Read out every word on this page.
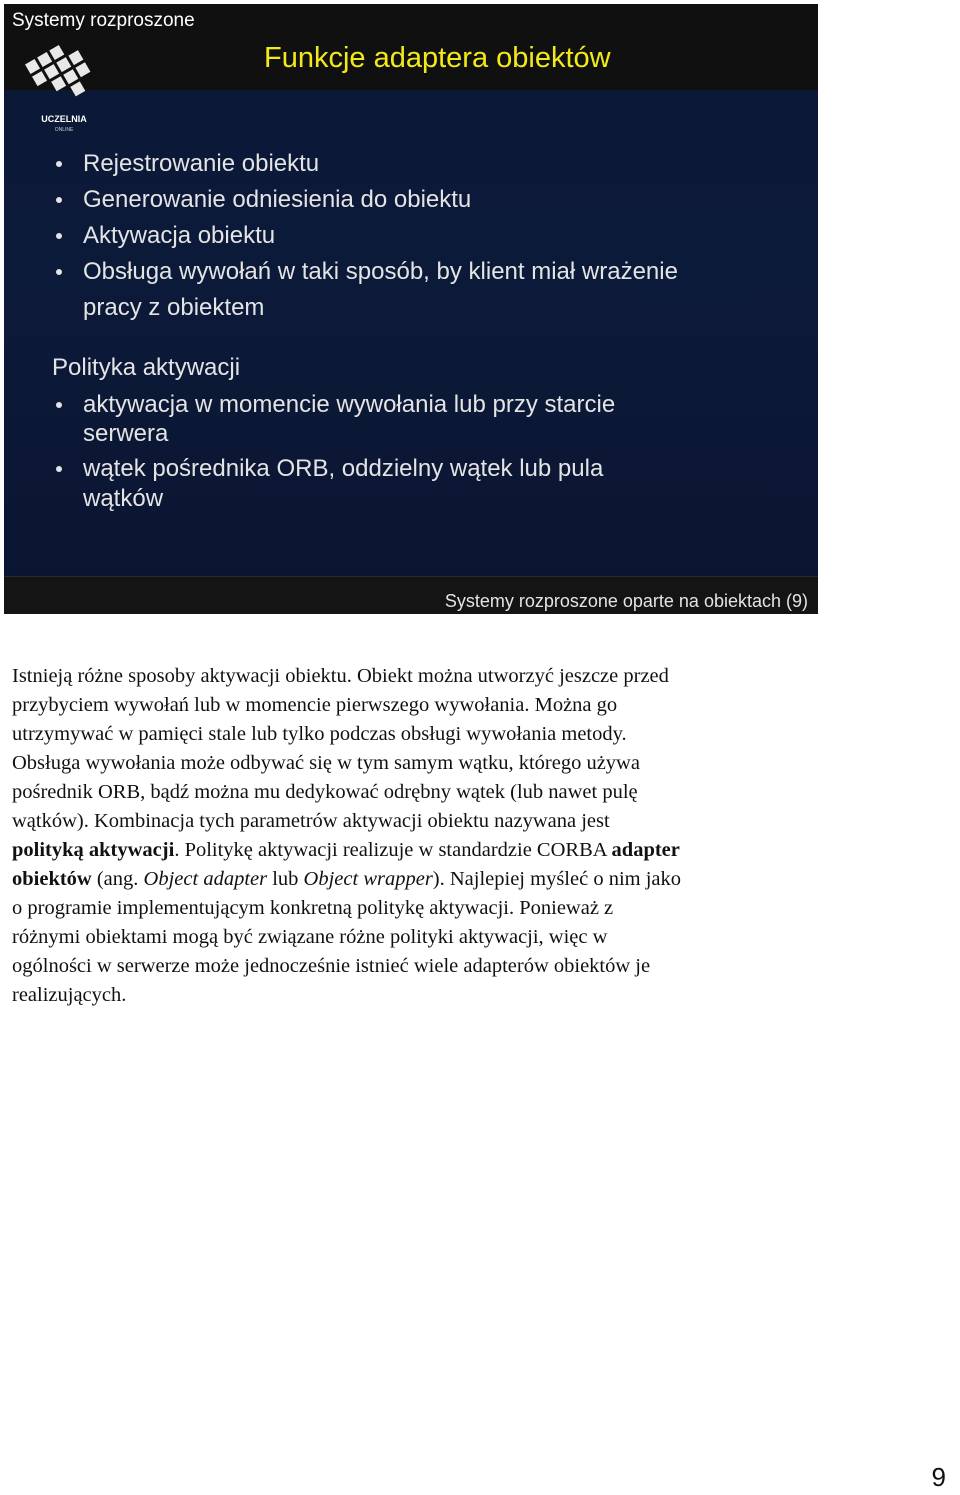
Systemy rozproszone
Funkcje adaptera obiektów
UCZELNIA
ONLINE
Rejestrowanie obiektu
Generowanie odniesienia do obiektu
Aktywacja obiektu
Obsługa wywołań w taki sposób, by klient miał wrażenie
pracy z obiektem
Polityka aktywacji
aktywacja w momencie wywołania lub przy starcie
serwera
wątek pośrednika ORB, oddzielny wątek lub pula
wątków
Systemy rozproszone oparte na obiektach (9)
Istnieją różne sposoby aktywacji obiektu. Obiekt można utworzyć jeszcze przed
przybyciem wywołań lub w momencie pierwszego wywołania. Można go
utrzymywać w pamięci stale lub tylko podczas obsługi wywołania metody.
Obsługa wywołania może odbywać się w tym samym wątku, którego używa
pośrednik ORB, bądź można mu dedykować odrębny wątek (lub nawet pulę
wątków). Kombinacja tych parametrów aktywacji obiektu nazywana jest
polityką aktywacji. Politykę aktywacji realizuje w standardzie CORBA adapter
obiektów (ang. Object adapter lub Object wrapper). Najlepiej myśleć o nim jako
o programie implementującym konkretną politykę aktywacji. Ponieważ z
różnymi obiektami mogą być związane różne polityki aktywacji, więc w
ogólności w serwerze może jednocześnie istnieć wiele adapterów obiektów je
realizujących.
9
